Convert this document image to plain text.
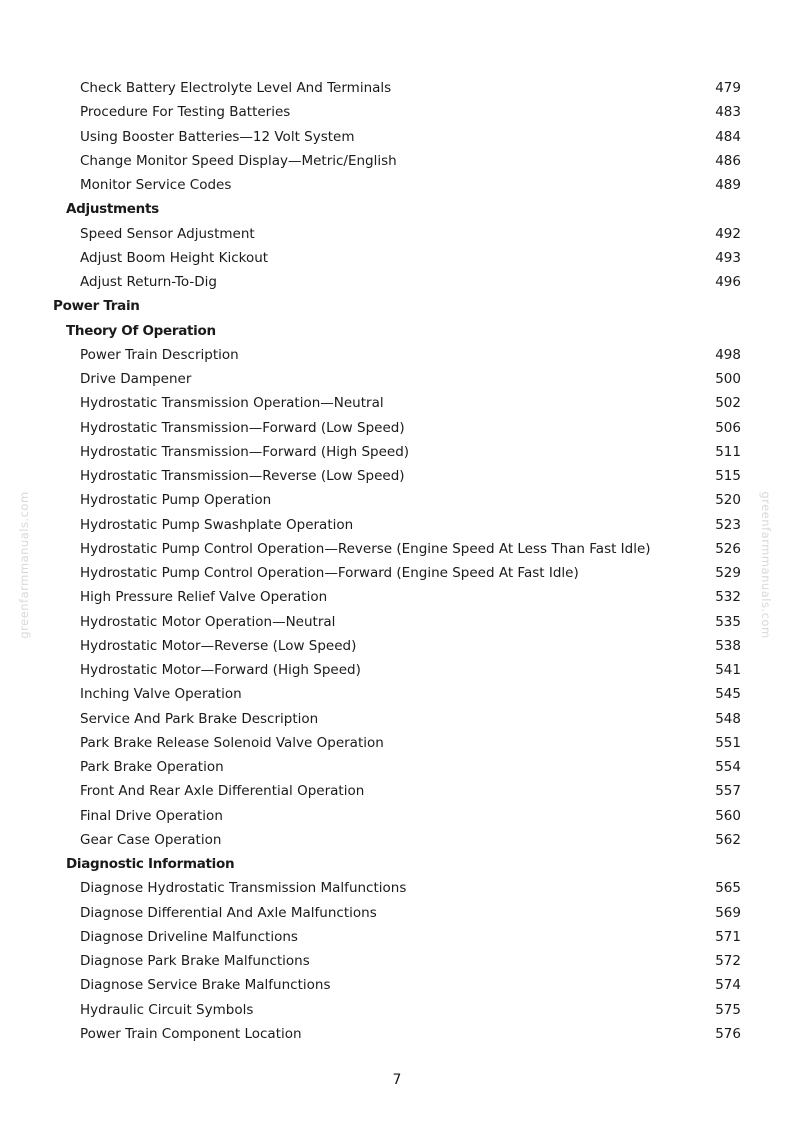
greenfarmmanuals.com	greenfarmmanuals.com
Check Battery Electrolyte Level And Terminals	479
Procedure For Testing Batteries	483
Using Booster Batteries—12 Volt System	484
Change Monitor Speed Display—Metric/English	486
Monitor Service Codes	489
Adjustments
Speed Sensor Adjustment	492
Adjust Boom Height Kickout	493
Adjust Return-To-Dig	496
Power Train
Theory Of Operation
Power Train Description	498
Drive Dampener	500
Hydrostatic Transmission Operation—Neutral	502
Hydrostatic Transmission—Forward (Low Speed)	506
Hydrostatic Transmission—Forward (High Speed)	511
Hydrostatic Transmission—Reverse (Low Speed)	515
Hydrostatic Pump Operation	520
Hydrostatic Pump Swashplate Operation	523
Hydrostatic Pump Control Operation—Reverse (Engine Speed At Less Than Fast Idle)	526
Hydrostatic Pump Control Operation—Forward (Engine Speed At Fast Idle)	529
High Pressure Relief Valve Operation	532
Hydrostatic Motor Operation—Neutral	535
Hydrostatic Motor—Reverse (Low Speed)	538
Hydrostatic Motor—Forward (High Speed)	541
Inching Valve Operation	545
Service And Park Brake Description	548
Park Brake Release Solenoid Valve Operation	551
Park Brake Operation	554
Front And Rear Axle Differential Operation	557
Final Drive Operation	560
Gear Case Operation	562
Diagnostic Information
Diagnose Hydrostatic Transmission Malfunctions	565
Diagnose Differential And Axle Malfunctions	569
Diagnose Driveline Malfunctions	571
Diagnose Park Brake Malfunctions	572
Diagnose Service Brake Malfunctions	574
Hydraulic Circuit Symbols	575
Power Train Component Location	576
7
